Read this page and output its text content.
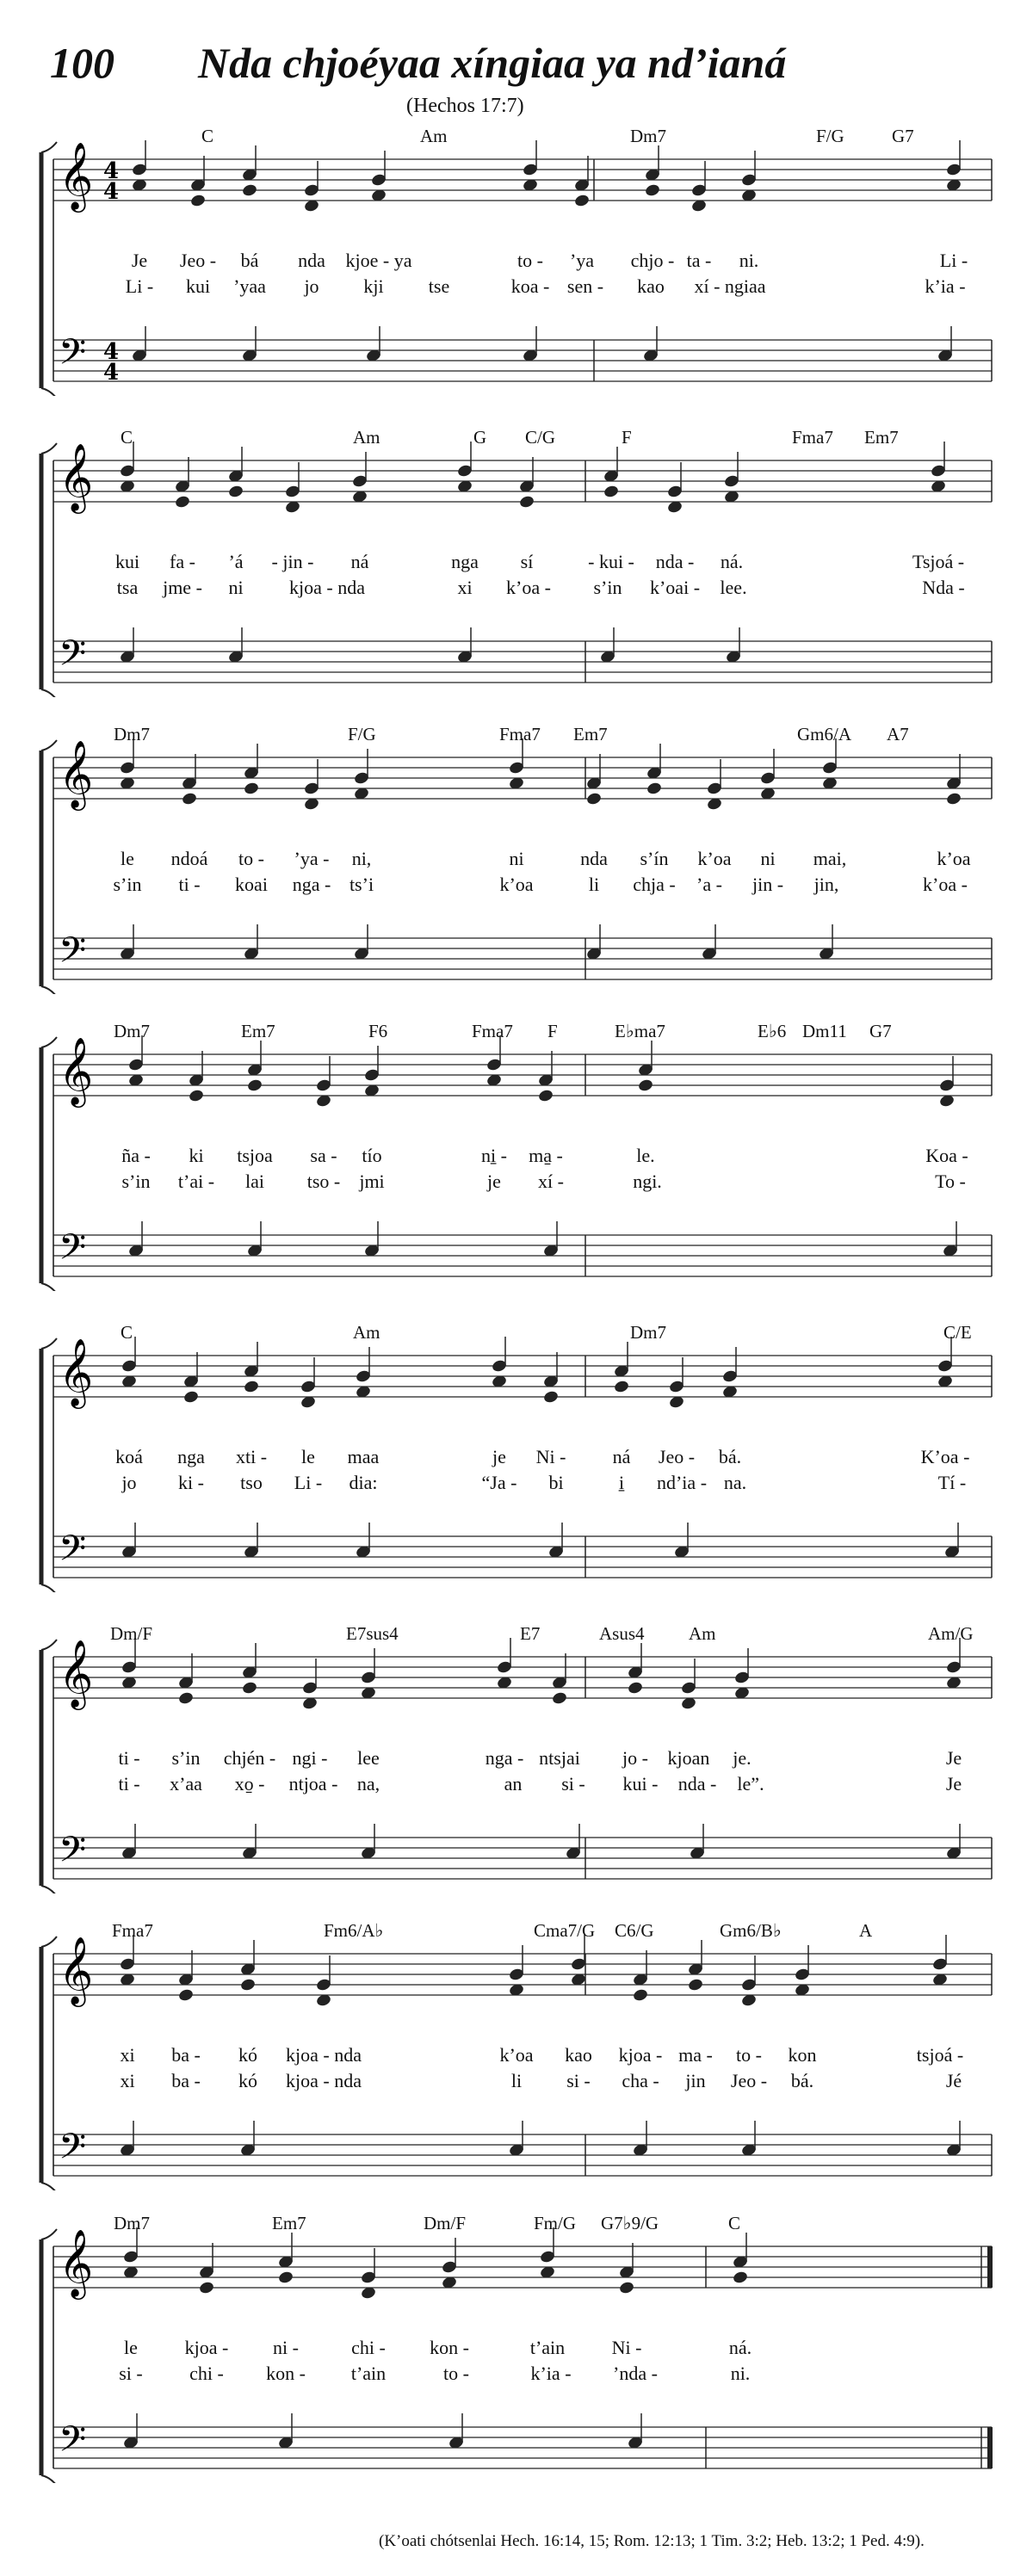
100 Nda chjoéyaa xíngiaa ya nd’ianá
(Hechos 17:7)
𝄞
𝄢
4
4
4
4
C	Am	Dm7	F/G	G7
Je Jeo - bá nda kjoe - ya	to - ’ya chjo - ta - ni.	Li -
Li - kui ’yaa jo kji tse	koa - sen - kao xí - ngiaa	k’ia -
𝄞
𝄢
C	Am	G C/G	F	Fma7 Em7
kui fa - ’á - jin - ná	nga sí	- kui - nda - ná.	Tsjoá -
tsa jme - ni kjoa - nda	xi k’oa - s’in k’oai - lee.	Nda -
𝄞
𝄢
Dm7	F/G	Fma7 Em7	Gm6/A A7
le ndoá to - ’ya - ni,	ni	nda s’ín k’oa ni mai,	k’oa
s’in ti - koai nga - ts’i	k’oa	li chja - ’a - jin - jin,	k’oa -
𝄞
𝄢
Dm7	Em7	F6	Fma7 F	E♭ma7	E♭6 Dm11 G7
ña - ki tsjoa sa - tío	ni̱ - ma̱ -	le.	Koa -
s’in t’ai - lai tso - jmi	je xí -	ngi.	To -
𝄞
𝄢
C	Am	Dm7	C/E
koá nga xti - le maa	je Ni - ná Jeo - bá.	K’oa -
jo ki - tso Li - dia:	“Ja - bi	i̱ nd’ia - na.	Tí -
𝄞
𝄢
Dm/F	E7sus4	E7	Asus4 Am	Am/G
ti - s’in chjén - ngi - lee	nga - ntsjai jo - kjoan je.	Je
ti - x’aa xo̱ - ntjoa - na,	an si - kui - nda - le”.	Je
𝄞
𝄢
Fma7	Fm6/A♭	Cma7/G C6/G	Gm6/B♭	A
xi ba - kó kjoa - nda	k’oa kao kjoa - ma - to - kon	tsjoá -
xi ba - kó kjoa - nda	li si - cha - jin Jeo - bá.	Jé
𝄞
𝄢
Dm7	Em7	Dm/F	Fm/G G7♭9/G	C
le kjoa - ni -	chi - kon -	t’ain Ni -	ná.
si - chi - kon - t’ain	to -	k’ia - ’nda -	ni.
(K’oati chótsenlai Hech. 16:14, 15; Rom. 12:13; 1 Tim. 3:2; Heb. 13:2; 1 Ped. 4:9).
